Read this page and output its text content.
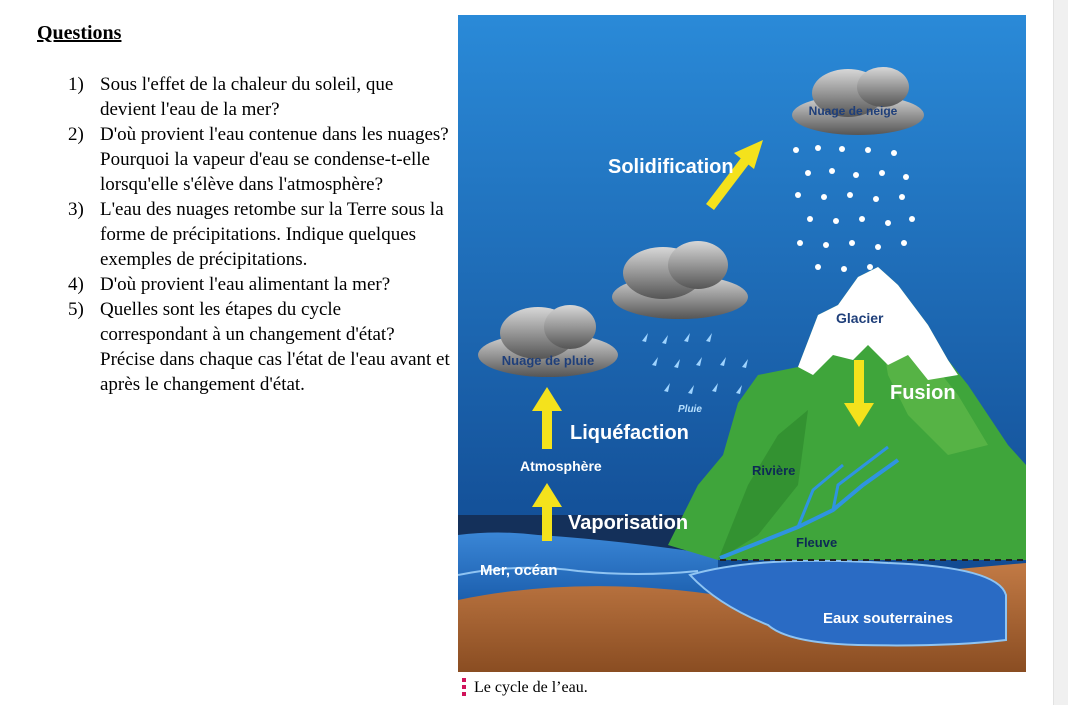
Questions
1) Sous l'effet de la chaleur du soleil, que devient l'eau de la mer?
2) D'où provient l'eau contenue dans les nuages? Pourquoi la vapeur d'eau se condense-t-elle lorsqu'elle s'élève dans l'atmosphère?
3) L'eau des nuages retombe sur la Terre sous la forme de précipitations. Indique quelques exemples de précipitations.
4) D'où provient l'eau alimentant la mer?
5) Quelles sont les étapes du cycle correspondant à un changement d'état? Précise dans chaque cas l'état de l'eau avant et après le changement d'état.
Nuage de neige
Solidification
Glacier
Nuage de pluie
Pluie
Fusion
Liquéfaction
Atmosphère	Rivière
Vaporisation
Fleuve
Mer, océan
Eaux souterraines
Le cycle de l’eau.
